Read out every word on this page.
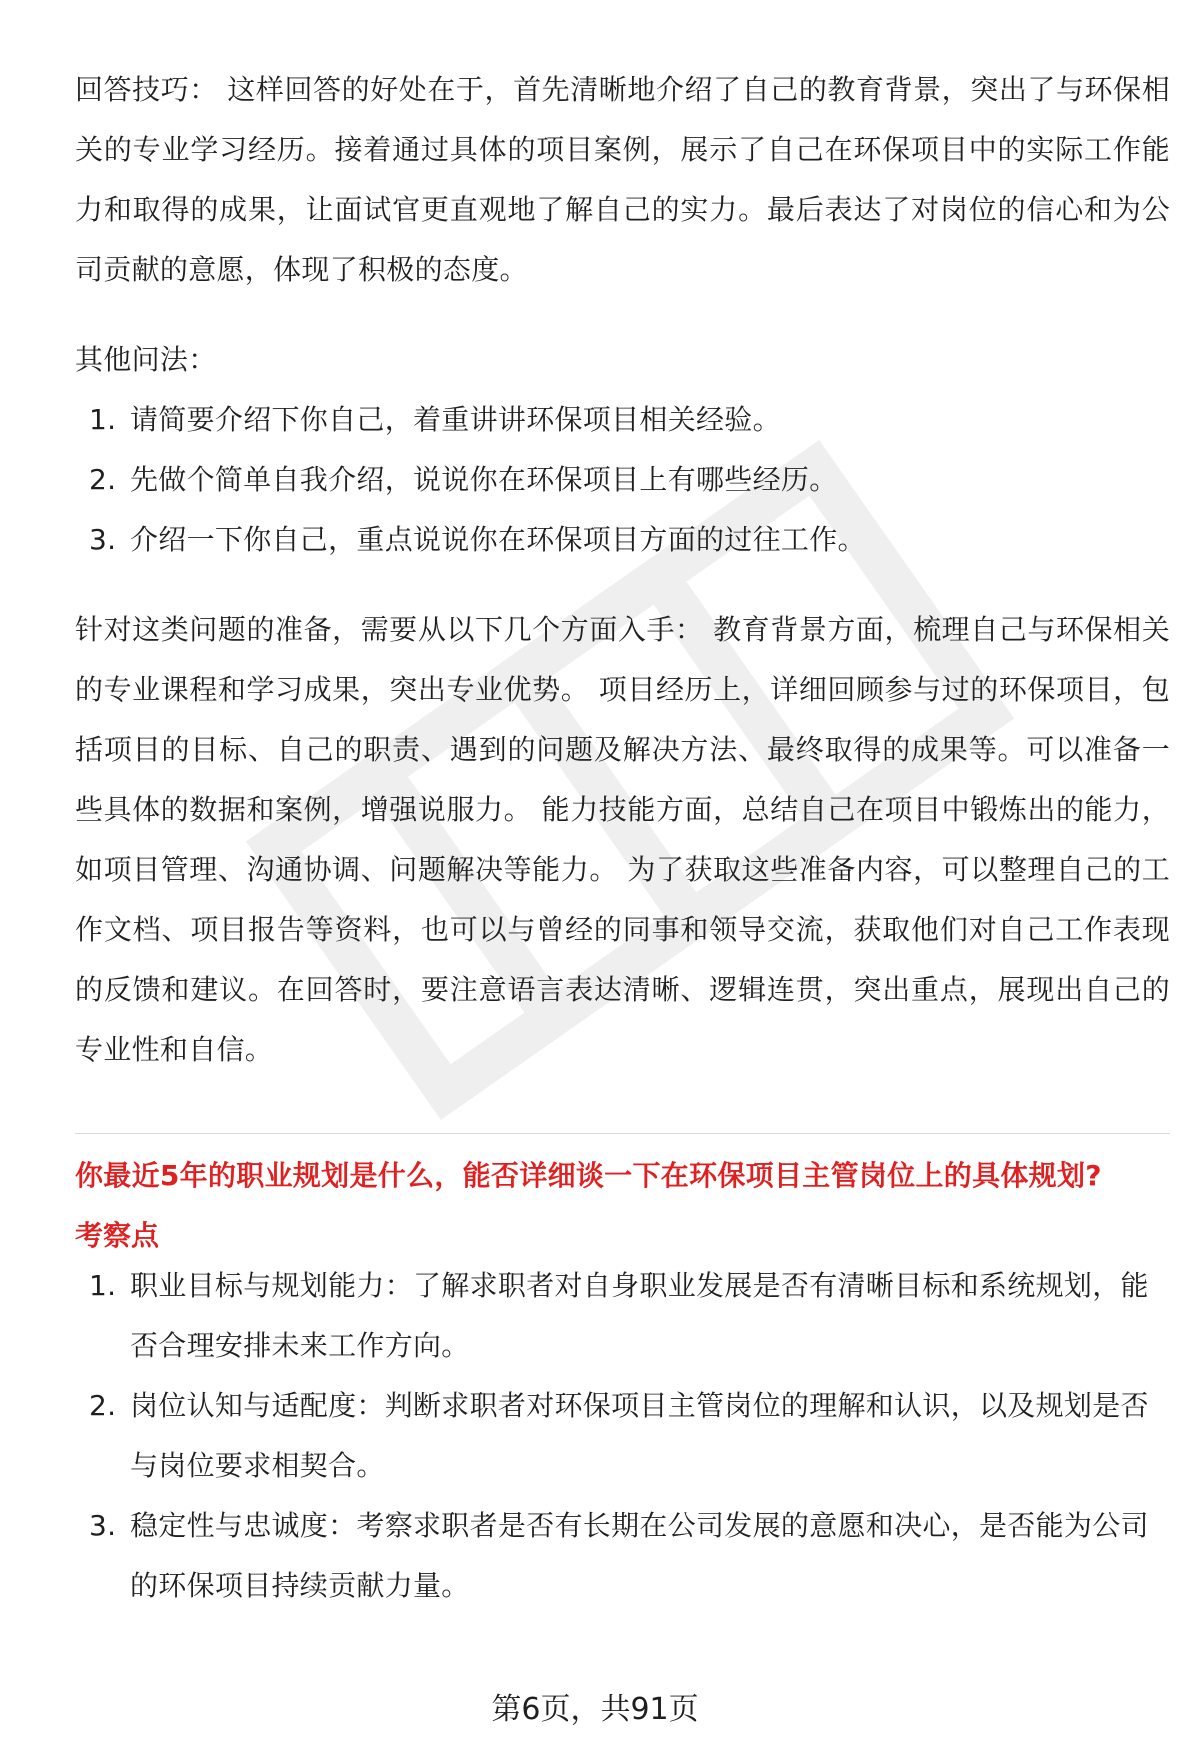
回答技巧： 这样回答的好处在于，首先清晰地介绍了自己的教育背景，突出了与环保相关的专业学习经历。接着通过具体的项目案例，展示了自己在环保项目中的实际工作能力和取得的成果，让面试官更直观地了解自己的实力。最后表达了对岗位的信心和为公司贡献的意愿，体现了积极的态度。

其他问法：

1. 请简要介绍下你自己，着重讲讲环保项目相关经验。
2. 先做个简单自我介绍，说说你在环保项目上有哪些经历。
3. 介绍一下你自己，重点说说你在环保项目方面的过往工作。

针对这类问题的准备，需要从以下几个方面入手： 教育背景方面，梳理自己与环保相关的专业课程和学习成果，突出专业优势。 项目经历上，详细回顾参与过的环保项目，包括项目的目标、自己的职责、遇到的问题及解决方法、最终取得的成果等。可以准备一些具体的数据和案例，增强说服力。 能力技能方面，总结自己在项目中锻炼出的能力，如项目管理、沟通协调、问题解决等能力。 为了获取这些准备内容，可以整理自己的工作文档、项目报告等资料，也可以与曾经的同事和领导交流，获取他们对自己工作表现的反馈和建议。在回答时，要注意语言表达清晰、逻辑连贯，突出重点，展现出自己的专业性和自信。

你最近5年的职业规划是什么，能否详细谈一下在环保项目主管岗位上的具体规划?

考察点

1. 职业目标与规划能力：了解求职者对自身职业发展是否有清晰目标和系统规划，能否合理安排未来工作方向。
2. 岗位认知与适配度：判断求职者对环保项目主管岗位的理解和认识，以及规划是否与岗位要求相契合。
3. 稳定性与忠诚度：考察求职者是否有长期在公司发展的意愿和决心，是否能为公司的环保项目持续贡献力量。
第6页，共91页
